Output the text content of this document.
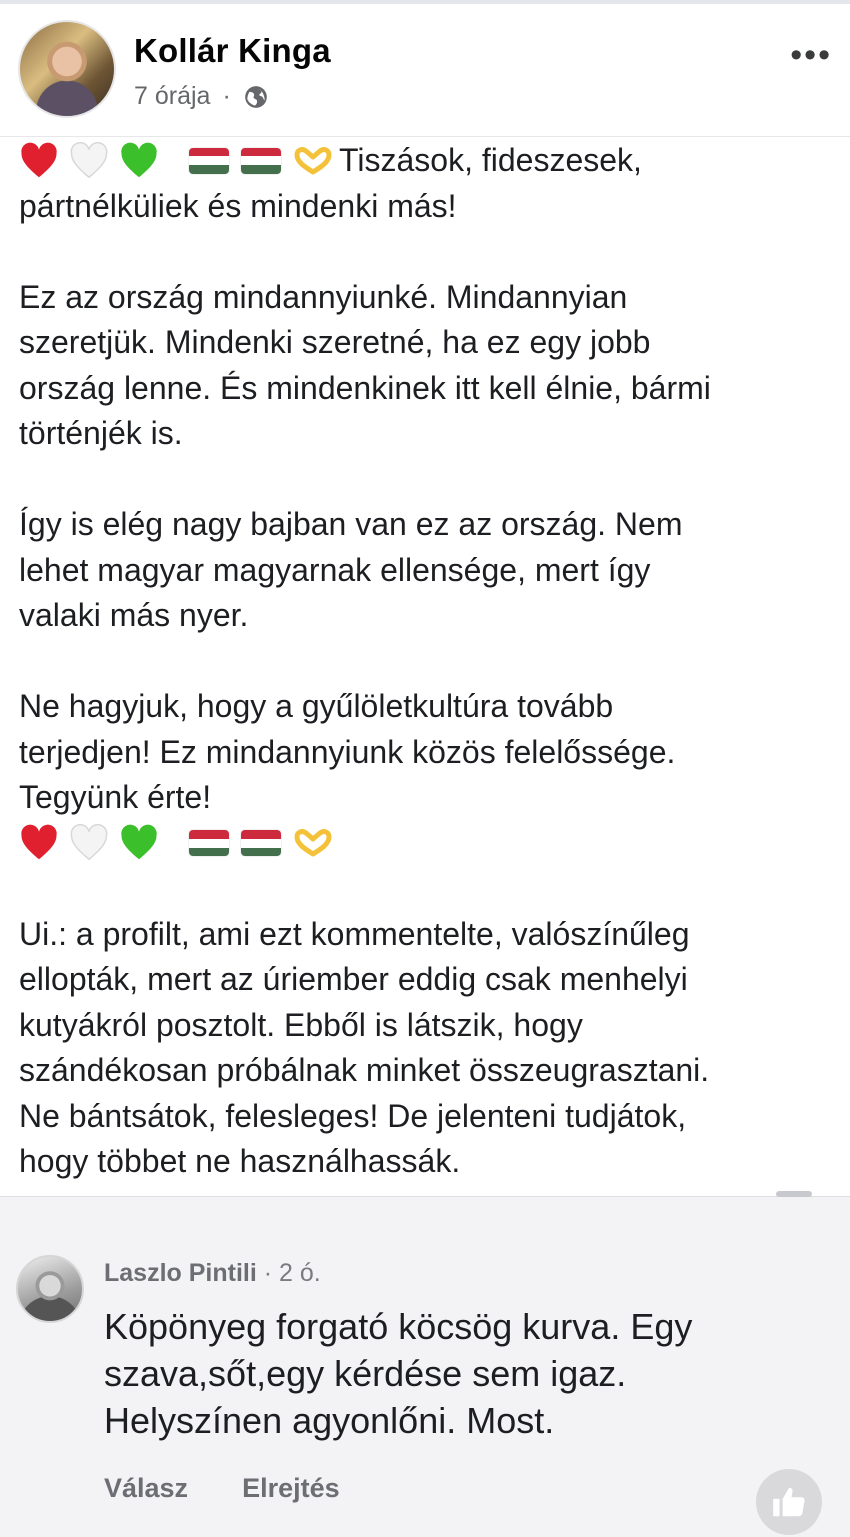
Kollár Kinga
7 órája ·
•••
Tiszások, fideszesek,
pártnélküliek és mindenki más!
Ez az ország mindannyiunké. Mindannyian
szeretjük. Mindenki szeretné, ha ez egy jobb
ország lenne. És mindenkinek itt kell élnie, bármi
történjék is.
Így is elég nagy bajban van ez az ország. Nem
lehet magyar magyarnak ellensége, mert így
valaki más nyer.
Ne hagyjuk, hogy a gyűlöletkultúra tovább
terjedjen! Ez mindannyiunk közös felelőssége.
Tegyünk érte!
Ui.: a profilt, ami ezt kommentelte, valószínűleg
ellopták, mert az úriember eddig csak menhelyi
kutyákról posztolt. Ebből is látszik, hogy
szándékosan próbálnak minket összeugrasztani.
Ne bántsátok, felesleges! De jelenteni tudjátok,
hogy többet ne használhassák.
Laszlo Pintili · 2 ó.
Köpönyeg forgató köcsög kurva. Egy
szava,sőt,egy kérdése sem igaz.
Helyszínen agyonlőni. Most.
Válasz Elrejtés
